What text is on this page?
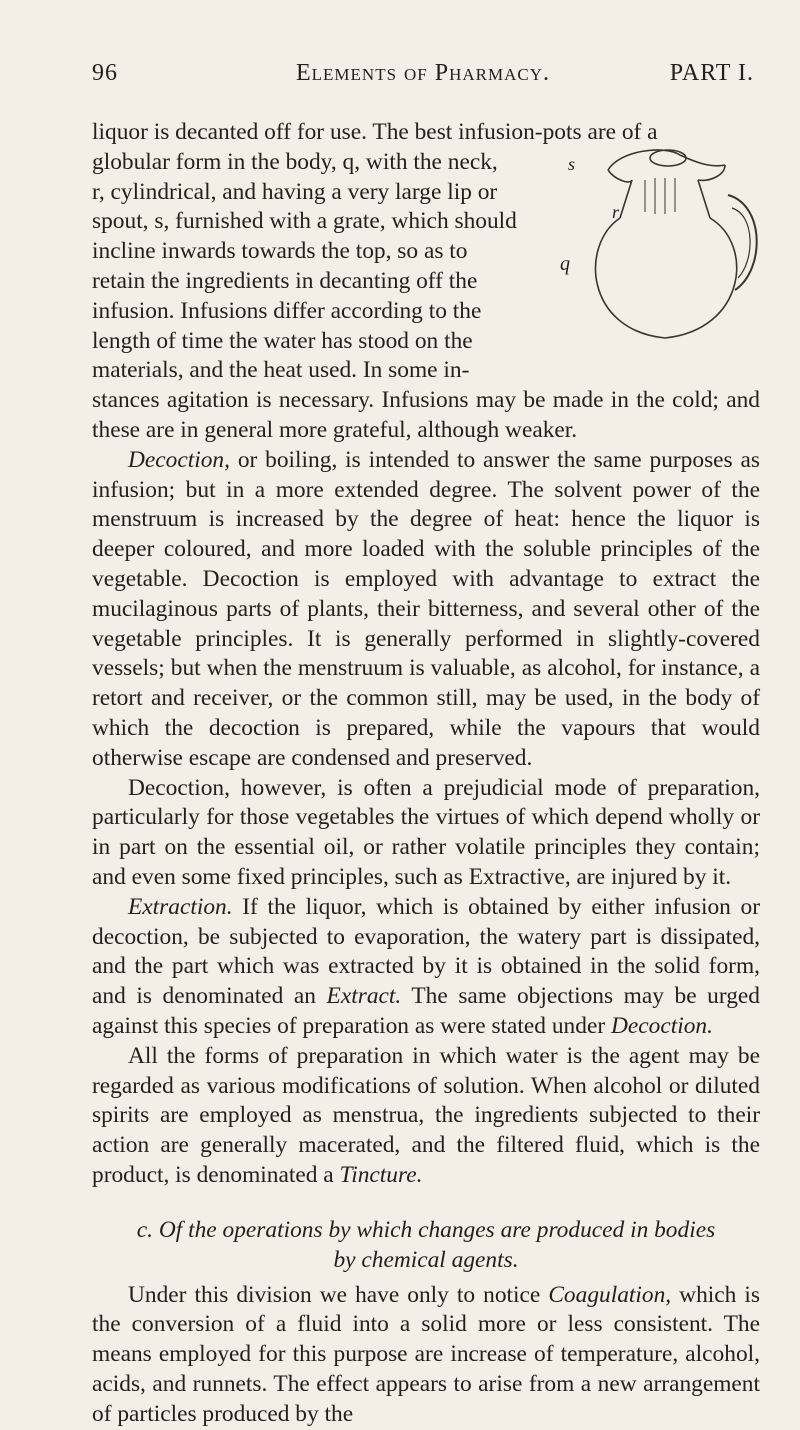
96	Elements of Pharmacy.	PART I.
s
r
q

liquor is decanted off for use. The best infusion-pots are of a

globular form in the body, q, with the neck,

r, cylindrical, and having a very large lip or

spout, s, furnished with a grate, which should

incline inwards towards the top, so as to

retain the ingredients in decanting off the

infusion. Infusions differ according to the

length of time the water has stood on the

materials, and the heat used. In some in-

stances agitation is necessary. Infusions may be made in the cold; and these are in general more grateful, although weaker.

Decoction, or boiling, is intended to answer the same purposes as infusion; but in a more extended degree. The solvent power of the menstruum is increased by the degree of heat: hence the liquor is deeper coloured, and more loaded with the soluble principles of the vegetable. Decoction is employed with advantage to extract the mucilaginous parts of plants, their bitterness, and several other of the vegetable principles. It is generally performed in slightly-covered vessels; but when the menstruum is valuable, as alcohol, for instance, a retort and receiver, or the common still, may be used, in the body of which the decoction is prepared, while the vapours that would otherwise escape are condensed and preserved.

Decoction, however, is often a prejudicial mode of preparation, particularly for those vegetables the virtues of which depend wholly or in part on the essential oil, or rather volatile principles they contain; and even some fixed principles, such as Extractive, are injured by it.

Extraction. If the liquor, which is obtained by either infusion or decoction, be subjected to evaporation, the watery part is dissipated, and the part which was extracted by it is obtained in the solid form, and is denominated an Extract. The same objections may be urged against this species of preparation as were stated under Decoction.

All the forms of preparation in which water is the agent may be regarded as various modifications of solution. When alcohol or diluted spirits are employed as menstrua, the ingredients subjected to their action are generally macerated, and the filtered fluid, which is the product, is denominated a Tincture.

c. Of the operations by which changes are produced in bodies
by chemical agents.

Under this division we have only to notice Coagulation, which is the conversion of a fluid into a solid more or less consistent. The means employed for this purpose are increase of temperature, alcohol, acids, and runnets. The effect appears to arise from a new arrangement of particles produced by the
